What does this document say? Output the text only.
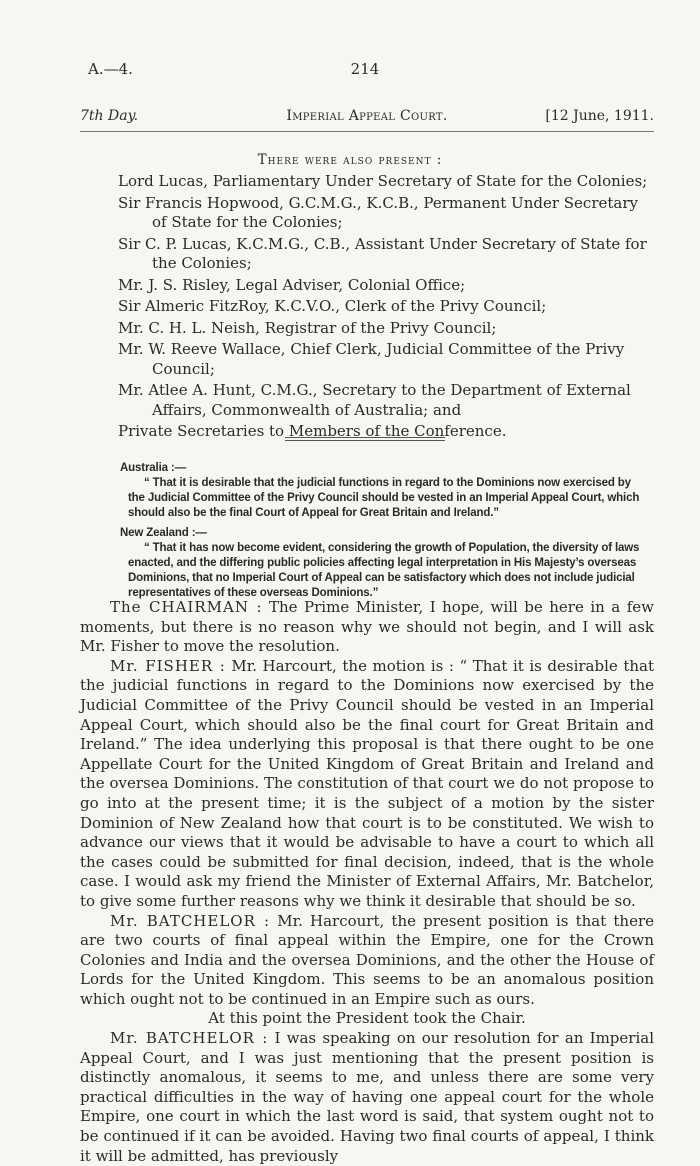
A.—4.	214
7th Day.	Imperial Appeal Court.	[12 June, 1911.
There were also present :
Lord Lucas, Parliamentary Under Secretary of State for the Colonies;
Sir Francis Hopwood, G.C.M.G., K.C.B., Permanent Under Secretary of State for the Colonies;
Sir C. P. Lucas, K.C.M.G., C.B., Assistant Under Secretary of State for the Colonies;
Mr. J. S. Risley, Legal Adviser, Colonial Office;
Sir Almeric FitzRoy, K.C.V.O., Clerk of the Privy Council;
Mr. C. H. L. Neish, Registrar of the Privy Council;
Mr. W. Reeve Wallace, Chief Clerk, Judicial Committee of the Privy Council;
Mr. Atlee A. Hunt, C.M.G., Secretary to the Department of External Affairs, Commonwealth of Australia; and
Private Secretaries to Members of the Conference.
Australia :—
“ That it is desirable that the judicial functions in regard to the Dominions now exercised by the Judicial Committee of the Privy Council should be vested in an Imperial Appeal Court, which should also be the final Court of Appeal for Great Britain and Ireland.”
New Zealand :—
“ That it has now become evident, considering the growth of Population, the diversity of laws enacted, and the differing public policies affecting legal interpretation in His Majesty’s overseas Dominions, that no Imperial Court of Appeal can be satisfactory which does not include judicial representatives of these overseas Dominions.”

The CHAIRMAN : The Prime Minister, I hope, will be here in a few moments, but there is no reason why we should not begin, and I will ask Mr. Fisher to move the resolution.

Mr. FISHER : Mr. Harcourt, the motion is : “ That it is desirable that the judicial functions in regard to the Dominions now exercised by the Judicial Committee of the Privy Council should be vested in an Imperial Appeal Court, which should also be the final court for Great Britain and Ireland.” The idea underlying this proposal is that there ought to be one Appellate Court for the United Kingdom of Great Britain and Ireland and the oversea Dominions. The constitution of that court we do not propose to go into at the present time; it is the subject of a motion by the sister Dominion of New Zealand how that court is to be constituted. We wish to advance our views that it would be advisable to have a court to which all the cases could be submitted for final decision, indeed, that is the whole case. I would ask my friend the Minister of External Affairs, Mr. Batchelor, to give some further reasons why we think it desirable that should be so.

Mr. BATCHELOR : Mr. Harcourt, the present position is that there are two courts of final appeal within the Empire, one for the Crown Colonies and India and the oversea Dominions, and the other the House of Lords for the United Kingdom. This seems to be an anomalous position which ought not to be continued in an Empire such as ours.

At this point the President took the Chair.

Mr. BATCHELOR : I was speaking on our resolution for an Imperial Appeal Court, and I was just mentioning that the present position is distinctly anomalous, it seems to me, and unless there are some very practical difficulties in the way of having one appeal court for the whole Empire, one court in which the last word is said, that system ought not to be continued if it can be avoided. Having two final courts of appeal, I think it will be admitted, has previously
